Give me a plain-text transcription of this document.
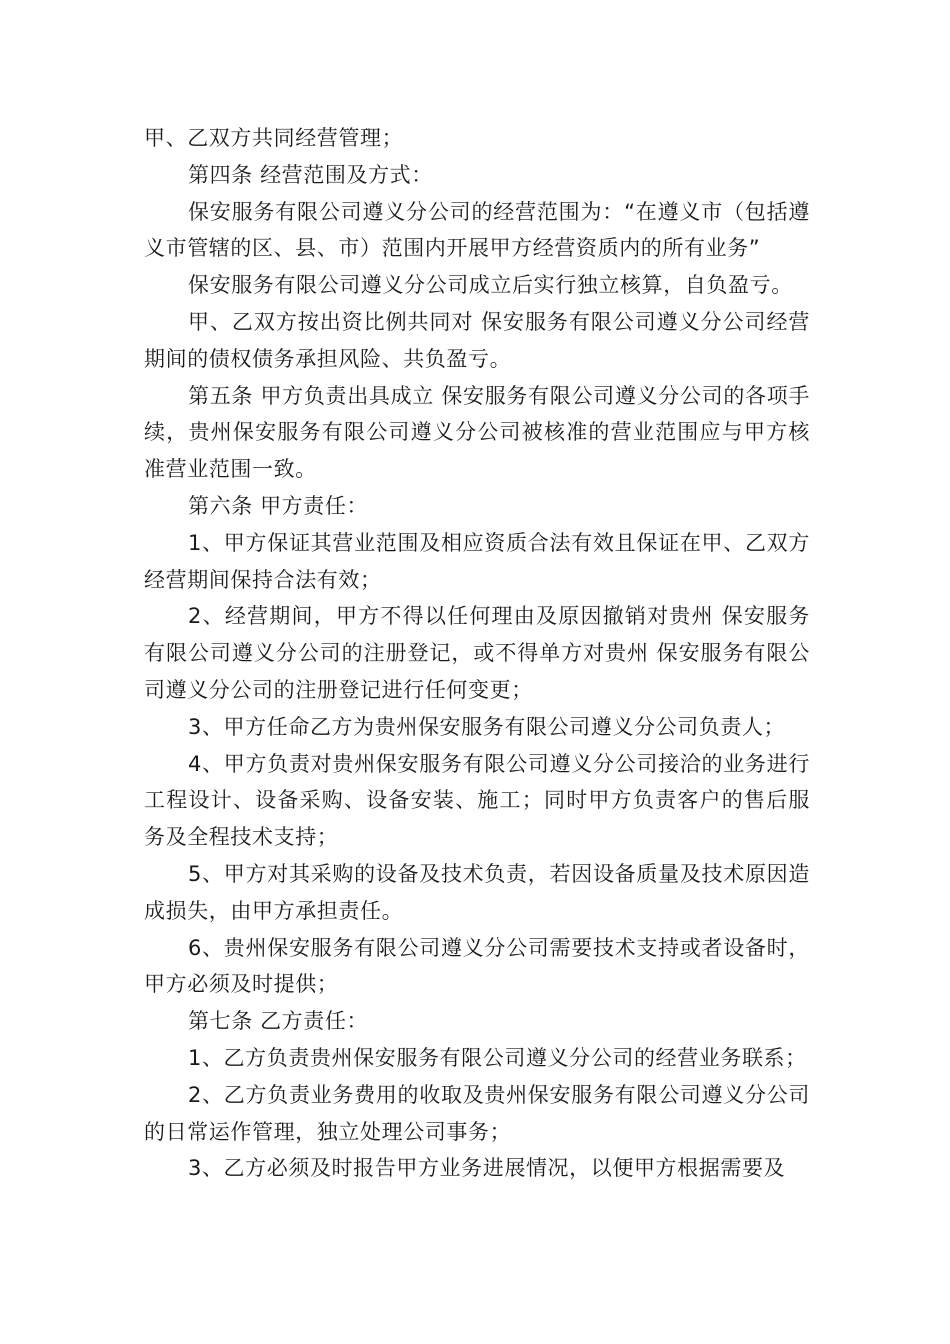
甲、乙双方共同经营管理；

第四条 经营范围及方式：

保安服务有限公司遵义分公司的经营范围为：“在遵义市（包括遵义市管辖的区、县、市）范围内开展甲方经营资质内的所有业务”

保安服务有限公司遵义分公司成立后实行独立核算，自负盈亏。

甲、乙双方按出资比例共同对 保安服务有限公司遵义分公司经营期间的债权债务承担风险、共负盈亏。

第五条 甲方负责出具成立 保安服务有限公司遵义分公司的各项手续，贵州保安服务有限公司遵义分公司被核准的营业范围应与甲方核准营业范围一致。

第六条 甲方责任：

1、甲方保证其营业范围及相应资质合法有效且保证在甲、乙双方经营期间保持合法有效；

2、经营期间，甲方不得以任何理由及原因撤销对贵州 保安服务有限公司遵义分公司的注册登记，或不得单方对贵州 保安服务有限公司遵义分公司的注册登记进行任何变更；

3、甲方任命乙方为贵州保安服务有限公司遵义分公司负责人；

4、甲方负责对贵州保安服务有限公司遵义分公司接洽的业务进行工程设计、设备采购、设备安装、施工；同时甲方负责客户的售后服务及全程技术支持；

5、甲方对其采购的设备及技术负责，若因设备质量及技术原因造成损失，由甲方承担责任。

6、贵州保安服务有限公司遵义分公司需要技术支持或者设备时，甲方必须及时提供；

第七条 乙方责任：

1、乙方负责贵州保安服务有限公司遵义分公司的经营业务联系；

2、乙方负责业务费用的收取及贵州保安服务有限公司遵义分公司的日常运作管理，独立处理公司事务；

3、乙方必须及时报告甲方业务进展情况，以便甲方根据需要及
